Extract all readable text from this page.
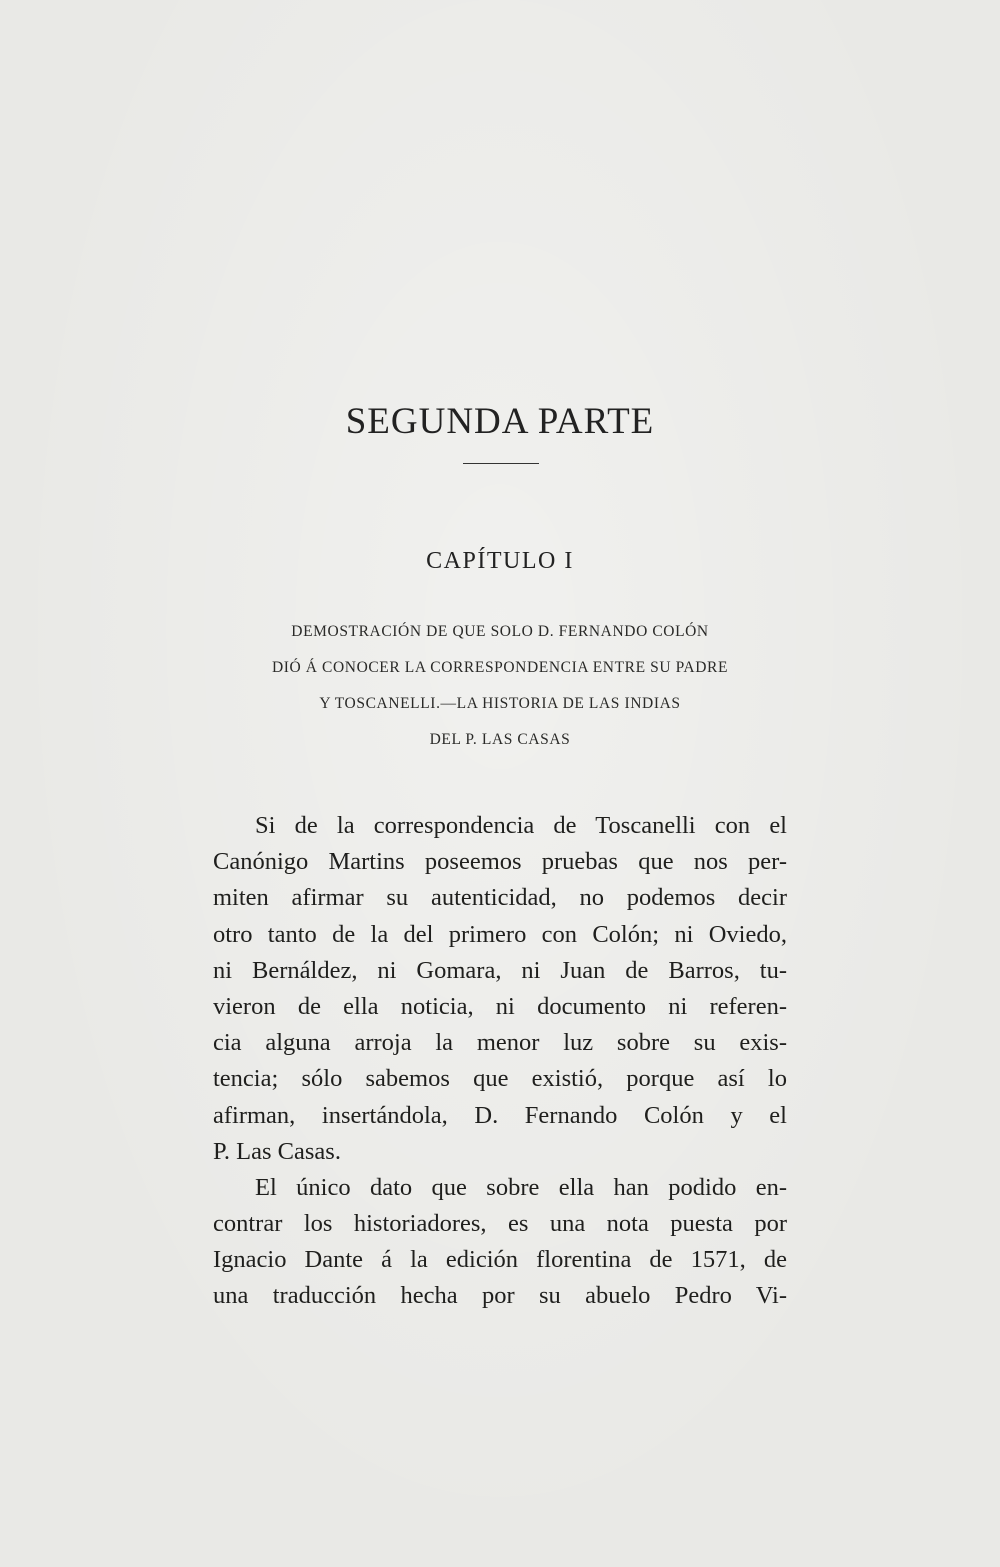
SEGUNDA PARTE
CAPÍTULO I
DEMOSTRACIÓN DE QUE SOLO D. FERNANDO COLÓN
DIÓ Á CONOCER LA CORRESPONDENCIA ENTRE SU PADRE
Y TOSCANELLI.—LA HISTORIA DE LAS INDIAS
DEL P. LAS CASAS
Si de la correspondencia de Toscanelli con el
Canónigo Martins poseemos pruebas que nos per-
miten afirmar su autenticidad, no podemos decir
otro tanto de la del primero con Colón; ni Oviedo,
ni Bernáldez, ni Gomara, ni Juan de Barros, tu-
vieron de ella noticia, ni documento ni referen-
cia alguna arroja la menor luz sobre su exis-
tencia; sólo sabemos que existió, porque así lo
afirman, insertándola, D. Fernando Colón y el
P. Las Casas.
El único dato que sobre ella han podido en-
contrar los historiadores, es una nota puesta por
Ignacio Dante á la edición florentina de 1571, de
una traducción hecha por su abuelo Pedro Vi-
